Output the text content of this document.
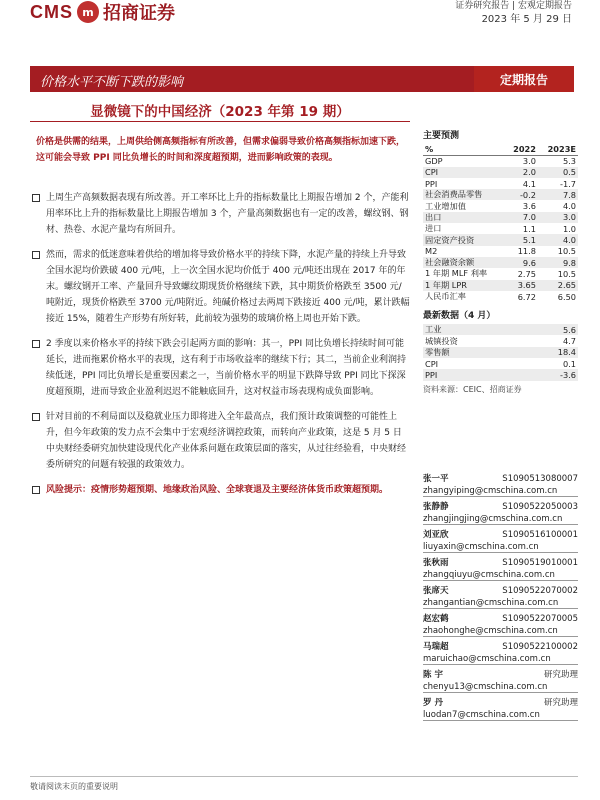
CMS m 招商证券	证券研究报告 | 宏观定期报告
2023 年 5 月 29 日
价格水平不断下跌的影响	定期报告
显微镜下的中国经济（2023 年第 19 期）
价格是供需的结果，上周供给侧高频指标有所改善，但需求偏弱导致价格高频指标加速下跌，这可能会导致 PPI 同比负增长的时间和深度超预期，进而影响政策的表现。
上周生产高频数据表现有所改善。开工率环比上升的指标数量比上期报告增加 2 个，产能利用率环比上升的指标数量比上期报告增加 3 个，产量高频数据也有一定的改善，螺纹钢、钢材、热卷、水泥产量均有所回升。
然而，需求的低迷意味着供给的增加将导致价格水平的持续下降，水泥产量的持续上升导致全国水泥均价跌破 400 元/吨，上一次全国水泥均价低于 400 元/吨还出现在 2017 年的年末。螺纹钢开工率、产量回升导致螺纹期现货价格继续下跌，其中期货价格跌至 3500 元/吨附近，现货价格跌至 3700 元/吨附近。纯碱价格过去两周下跌接近 400 元/吨，累计跌幅接近 15%，随着生产形势有所好转，此前较为强势的玻璃价格上周也开始下跌。
2 季度以来价格水平的持续下跌会引起两方面的影响：其一，PPI 同比负增长持续时间可能延长，进而拖累价格水平的表现，这有利于市场收益率的继续下行；其二，当前企业利润持续低迷，PPI 同比负增长是重要因素之一，当前价格水平的明显下跌降导致 PPI 同比下探深度超预期，进而导致企业盈利迟迟不能触底回升，这对权益市场表现构成负面影响。
针对目前的不利局面以及稳就业压力即将进入全年最高点，我们预计政策调整的可能性上升，但今年政策的发力点不会集中于宏观经济调控政策，而转向产业政策，这是 5 月 5 日中央财经委研究加快建设现代化产业体系问题在政策层面的落实，从过往经验看，中央财经委所研究的问题有较强的政策效力。
风险提示：疫情形势超预期、地缘政治风险、全球衰退及主要经济体货币政策超预期。
主要预测
%	2022	2023E
GDP	3.0	5.3
CPI	2.0	0.5
PPI	4.1	-1.7
社会消费品零售	-0.2	7.8
工业增加值	3.6	4.0
出口	7.0	3.0
进口	1.1	1.0
固定资产投资	5.1	4.0
M2	11.8	10.5
社会融资余额	9.6	9.8
1 年期 MLF 利率	2.75	10.5
1 年期 LPR	3.65	2.65
人民币汇率	6.72	6.50
最新数据（4 月）
工业	5.6
城镇投资	4.7
零售额	18.4
CPI	0.1
PPI	-3.6
资料来源：CEIC、招商证券
张一平	S1090513080007
zhangyiping@cmschina.com.cn
张静静	S1090522050003
zhangjingjing@cmschina.com.cn
刘亚欣	S1090516100001
liuyaxin@cmschina.com.cn
张秋雨	S1090519010001
zhangqiuyu@cmschina.com.cn
张席天	S1090522070002
zhangantian@cmschina.com.cn
赵宏鹤	S1090522070005
zhaohonghe@cmschina.com.cn
马瑞超	S1090522100002
maruichao@cmschina.com.cn
陈 宇	研究助理
chenyu13@cmschina.com.cn
罗 丹	研究助理
luodan7@cmschina.com.cn
敬请阅读末页的重要说明
